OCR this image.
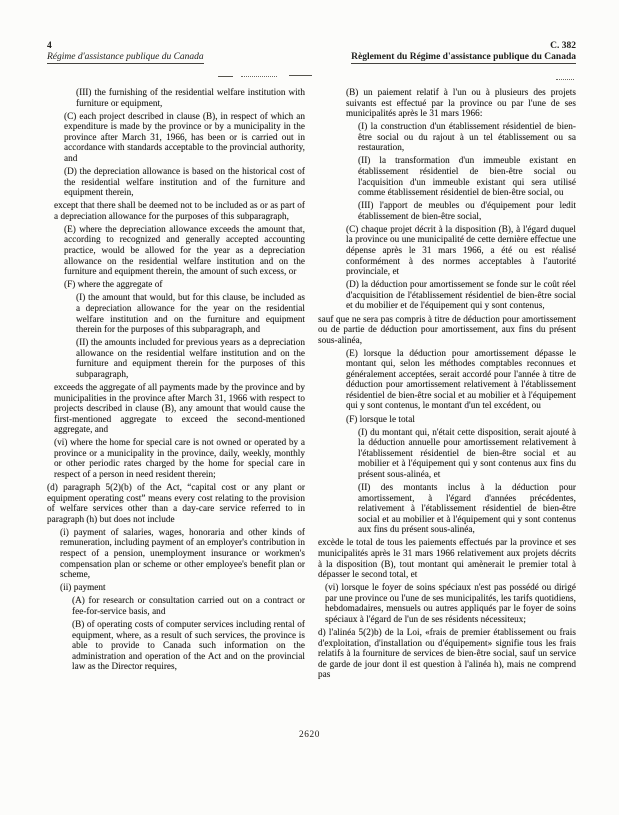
4
Régime d'assistance publique du Canada
C. 382
Règlement du Régime d'assistance publique du Canada

(III) the furnishing of the residential welfare institution with furniture or equipment,

(C) each project described in clause (B), in respect of which an expenditure is made by the province or by a municipality in the province after March 31, 1966, has been or is carried out in accordance with standards acceptable to the provincial authority, and

(D) the depreciation allowance is based on the historical cost of the residential welfare institution and of the furniture and equipment therein,

except that there shall be deemed not to be included as or as part of a depreciation allowance for the purposes of this subparagraph,

(E) where the depreciation allowance exceeds the amount that, according to recognized and generally accepted accounting practice, would be allowed for the year as a depreciation allowance on the residential welfare institution and on the furniture and equipment therein, the amount of such excess, or

(F) where the aggregate of

(I) the amount that would, but for this clause, be included as a depreciation allowance for the year on the residential welfare institution and on the furniture and equipment therein for the purposes of this subparagraph, and

(II) the amounts included for previous years as a depreciation allowance on the residential welfare institution and on the furniture and equipment therein for the purposes of this subparagraph,

exceeds the aggregate of all payments made by the province and by municipalities in the province after March 31, 1966 with respect to projects described in clause (B), any amount that would cause the first-mentioned aggregate to exceed the second-mentioned aggregate, and

(vi) where the home for special care is not owned or operated by a province or a municipality in the province, daily, weekly, monthly or other periodic rates charged by the home for special care in respect of a person in need resident therein;

(d) paragraph 5(2)(b) of the Act, “capital cost or any plant or equipment operating cost” means every cost relating to the provision of welfare services other than a day-care service referred to in paragraph (h) but does not include

(i) payment of salaries, wages, honoraria and other kinds of remuneration, including payment of an employer's contribution in respect of a pension, unemployment insurance or workmen's compensation plan or scheme or other employee's benefit plan or scheme,

(ii) payment

(A) for research or consultation carried out on a contract or fee-for-service basis, and

(B) of operating costs of computer services including rental of equipment, where, as a result of such services, the province is able to provide to Canada such information on the administration and operation of the Act and on the provincial law as the Director requires,

(B) un paiement relatif à l'un ou à plusieurs des projets suivants est effectué par la province ou par l'une de ses municipalités après le 31 mars 1966:

(I) la construction d'un établissement résidentiel de bien-être social ou du rajout à un tel établissement ou sa restauration,

(II) la transformation d'un immeuble existant en établissement résidentiel de bien-être social ou l'acquisition d'un immeuble existant qui sera utilisé comme établissement résidentiel de bien-être social, ou

(III) l'apport de meubles ou d'équipement pour ledit établissement de bien-être social,

(C) chaque projet décrit à la disposition (B), à l'égard duquel la province ou une municipalité de cette dernière effectue une dépense après le 31 mars 1966, a été ou est réalisé conformément à des normes acceptables à l'autorité provinciale, et

(D) la déduction pour amortissement se fonde sur le coût réel d'acquisition de l'établissement résidentiel de bien-être social et du mobilier et de l'équipement qui y sont contenus,

sauf que ne sera pas compris à titre de déduction pour amortissement ou de partie de déduction pour amortissement, aux fins du présent sous-alinéa,

(E) lorsque la déduction pour amortissement dépasse le montant qui, selon les méthodes comptables reconnues et généralement acceptées, serait accordé pour l'année à titre de déduction pour amortissement relativement à l'établissement résidentiel de bien-être social et au mobilier et à l'équipement qui y sont contenus, le montant d'un tel excédent, ou

(F) lorsque le total

(I) du montant qui, n'était cette disposition, serait ajouté à la déduction annuelle pour amortissement relativement à l'établissement résidentiel de bien-être social et au mobilier et à l'équipement qui y sont contenus aux fins du présent sous-alinéa, et

(II) des montants inclus à la déduction pour amortissement, à l'égard d'années précédentes, relativement à l'établissement résidentiel de bien-être social et au mobilier et à l'équipement qui y sont contenus aux fins du présent sous-alinéa,

excède le total de tous les paiements effectués par la province et ses municipalités après le 31 mars 1966 relativement aux projets décrits à la disposition (B), tout montant qui amènerait le premier total à dépasser le second total, et

(vi) lorsque le foyer de soins spéciaux n'est pas possédé ou dirigé par une province ou l'une de ses municipalités, les tarifs quotidiens, hebdomadaires, mensuels ou autres appliqués par le foyer de soins spéciaux à l'égard de l'un de ses résidents nécessiteux;

d) l'alinéa 5(2)b) de la Loi, «frais de premier établissement ou frais d'exploitation, d'installation ou d'équipement» signifie tous les frais relatifs à la fourniture de services de bien-être social, sauf un service de garde de jour dont il est question à l'alinéa h), mais ne comprend pas

2620
